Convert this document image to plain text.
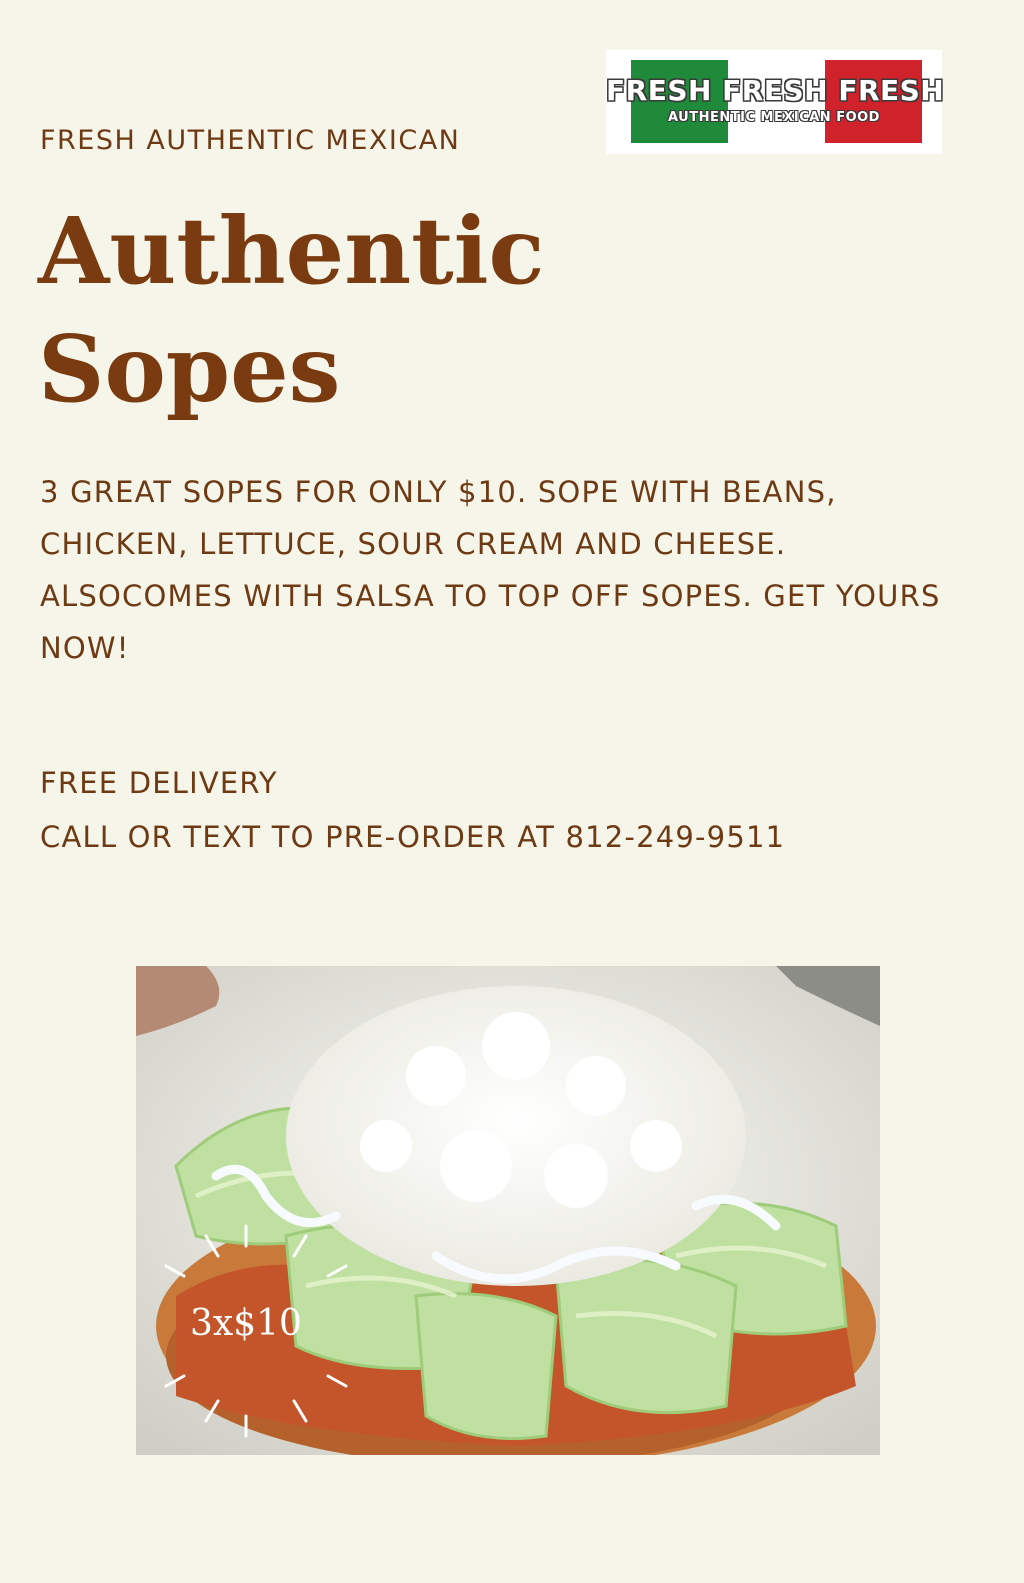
FRESH FRESH FRESH
AUTHENTIC MEXICAN FOOD
FRESH AUTHENTIC MEXICAN
Authentic
Sopes

3 GREAT SOPES FOR ONLY $10. SOPE WITH BEANS, CHICKEN, LETTUCE, SOUR CREAM AND CHEESE. ALSOCOMES WITH SALSA TO TOP OFF SOPES. GET YOURS NOW!

FREE DELIVERY
CALL OR TEXT TO PRE-ORDER AT 812-249-9511
3x$10
